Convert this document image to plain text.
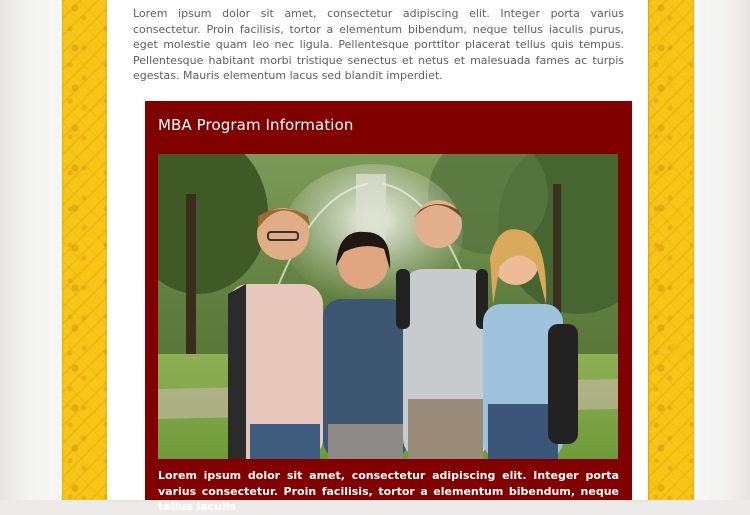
Lorem ipsum dolor sit amet, consectetur adipiscing elit. Integer porta varius consectetur. Proin facilisis, tortor a elementum bibendum, neque tellus iaculis purus, eget molestie quam leo nec ligula. Pellentesque porttitor placerat tellus quis tempus. Pellentesque habitant morbi tristique senectus et netus et malesuada fames ac turpis egestas. Mauris elementum lacus sed blandit imperdiet.

MBA Program Information

Lorem ipsum dolor sit amet, consectetur adipiscing elit. Integer porta varius consectetur. Proin facilisis, tortor a elementum bibendum, neque tellus iaculis
